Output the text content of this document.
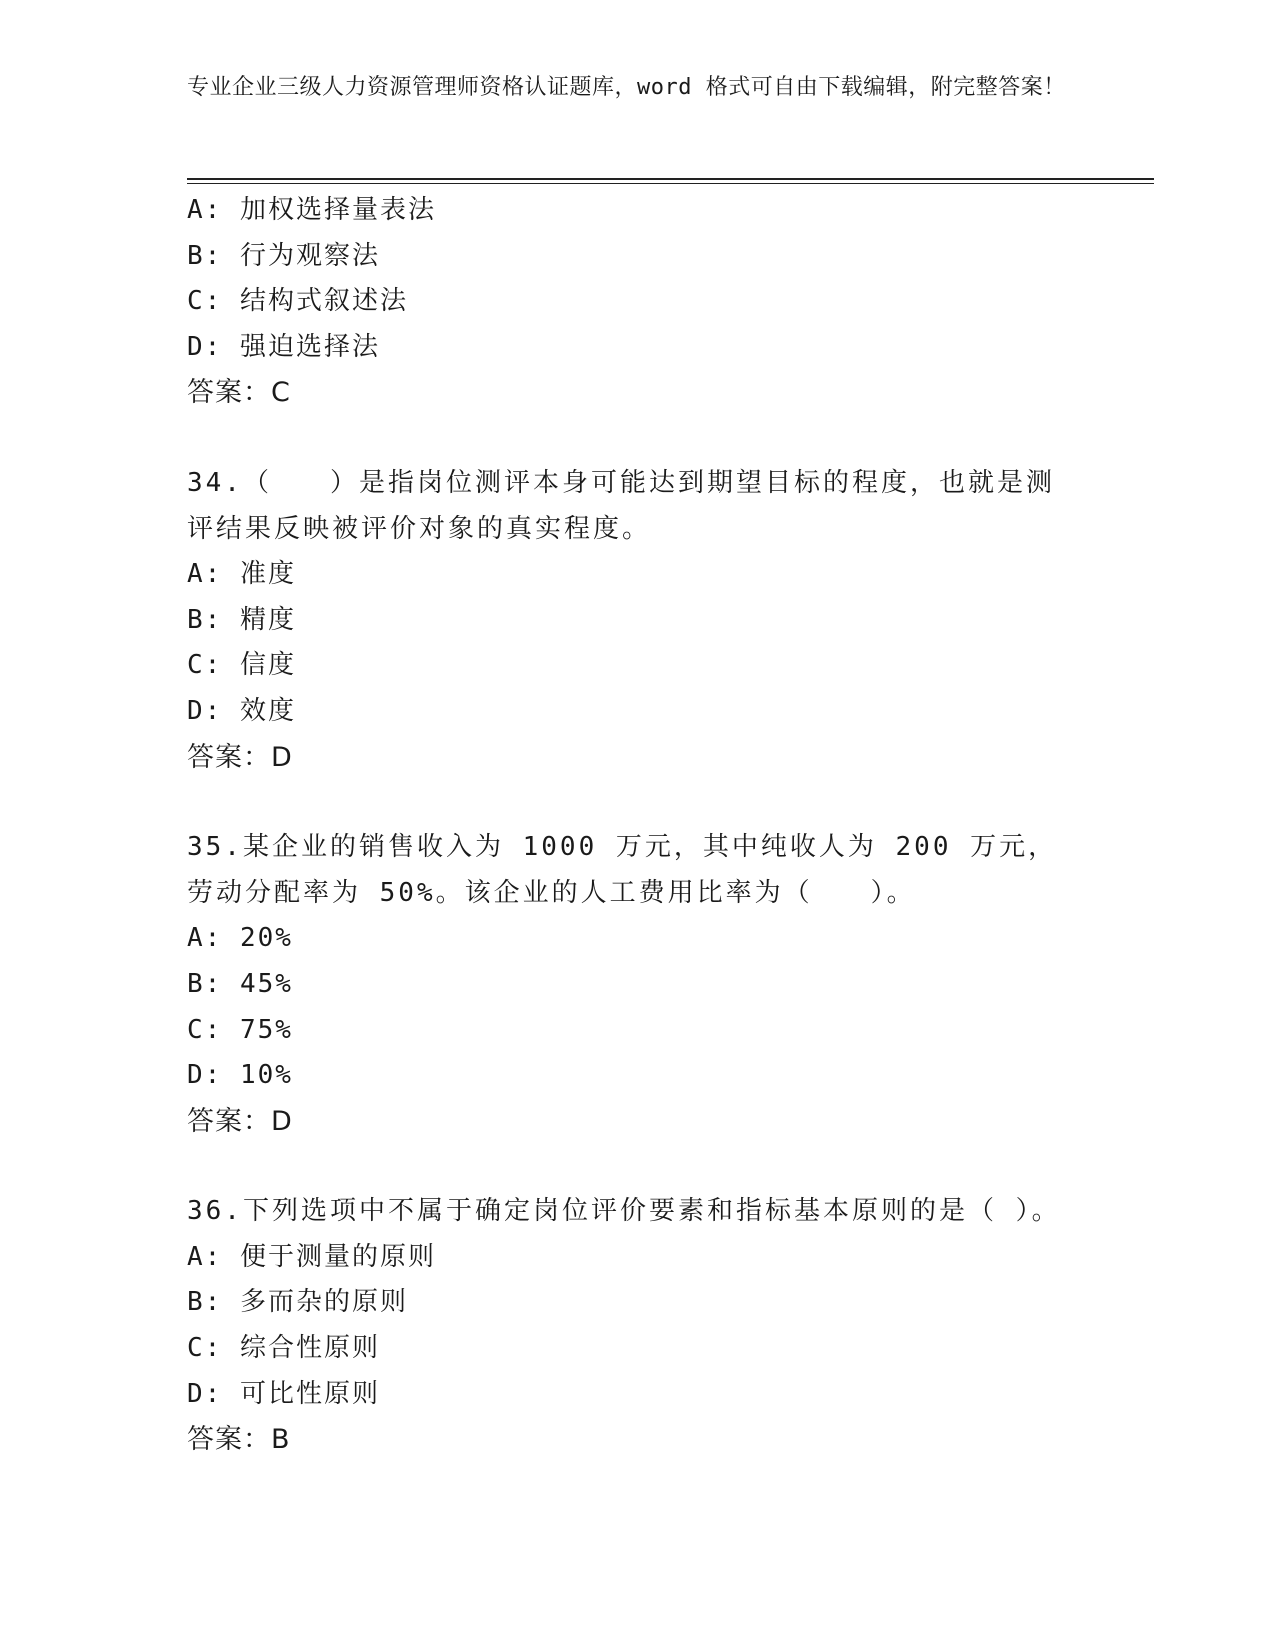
专业企业三级人力资源管理师资格认证题库，word 格式可自由下载编辑，附完整答案！
A: 加权选择量表法
B: 行为观察法
C: 结构式叙述法
D: 强迫选择法
答案：C
34.（　　）是指岗位测评本身可能达到期望目标的程度，也就是测评结果反映被评价对象的真实程度。
A: 准度
B: 精度
C: 信度
D: 效度
答案：D
35.某企业的销售收入为 1000 万元，其中纯收人为 200 万元，劳动分配率为 50%。该企业的人工费用比率为（　　）。
A: 20%
B: 45%
C: 75%
D: 10%
答案：D
36.下列选项中不属于确定岗位评价要素和指标基本原则的是（ ）。
A: 便于测量的原则
B: 多而杂的原则
C: 综合性原则
D: 可比性原则
答案：B
